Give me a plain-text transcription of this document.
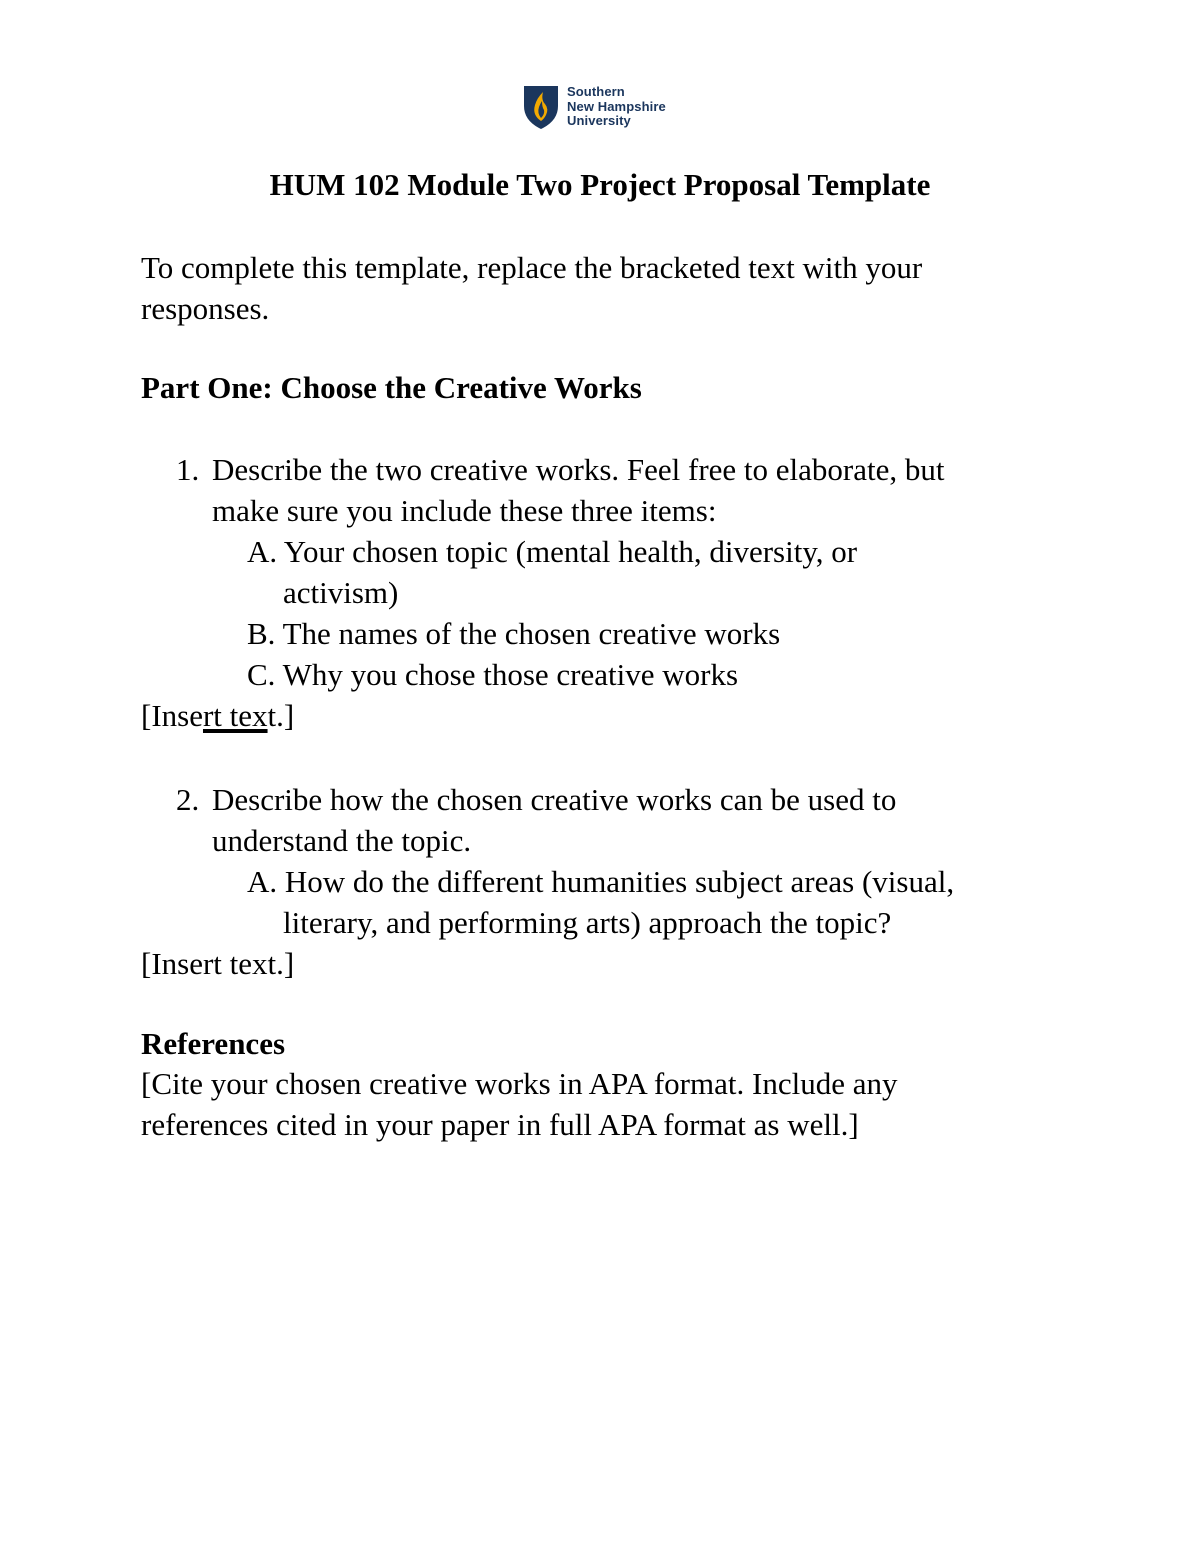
Southern
New Hampshire
University
HUM 102 Module Two Project Proposal Template
To complete this template, replace the bracketed text with your
responses.
Part One: Choose the Creative Works
1. Describe the two creative works. Feel free to elaborate, but
make sure you include these three items:
A. Your chosen topic (mental health, diversity, or
activism)
B. The names of the chosen creative works
C. Why you chose those creative works
[Insert text.]
2. Describe how the chosen creative works can be used to
understand the topic.
A. How do the different humanities subject areas (visual,
literary, and performing arts) approach the topic?
[Insert text.]
References
[Cite your chosen creative works in APA format. Include any
references cited in your paper in full APA format as well.]
